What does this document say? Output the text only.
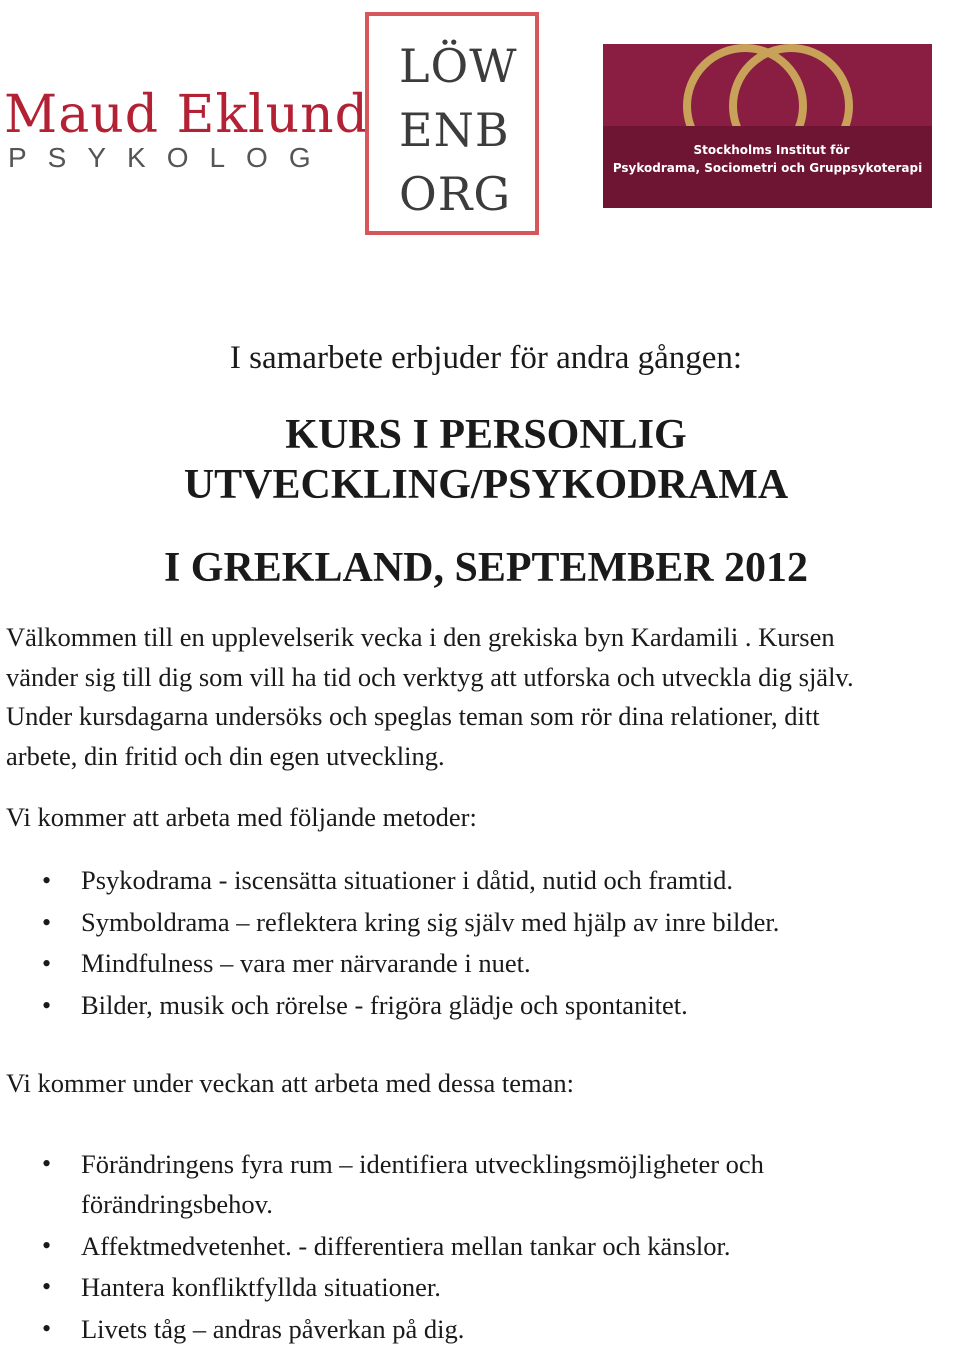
Maud Eklund
PSYKOLOG
LÖW
ENB
ORG
Stockholms Institut för
Psykodrama, Sociometri och Gruppsykoterapi
I samarbete erbjuder för andra gången:
KURS I PERSONLIG
UTVECKLING/PSYKODRAMA
I GREKLAND, SEPTEMBER 2012
Välkommen till en upplevelserik vecka i den grekiska byn Kardamili . Kursen
vänder sig till dig som vill ha tid och verktyg att utforska och utveckla dig själv.
Under kursdagarna undersöks och speglas teman som rör dina relationer, ditt
arbete, din fritid och din egen utveckling.
Vi kommer att arbeta med följande metoder:
• Psykodrama - iscensätta situationer i dåtid, nutid och framtid.
• Symboldrama – reflektera kring sig själv med hjälp av inre bilder.
• Mindfulness – vara mer närvarande i nuet.
• Bilder, musik och rörelse - frigöra glädje och spontanitet.
Vi kommer under veckan att arbeta med dessa teman:
• Förändringens fyra rum – identifiera utvecklingsmöjligheter och
förändringsbehov.
• Affektmedvetenhet. - differentiera mellan tankar och känslor.
• Hantera konfliktfyllda situationer.
• Livets tåg – andras påverkan på dig.
